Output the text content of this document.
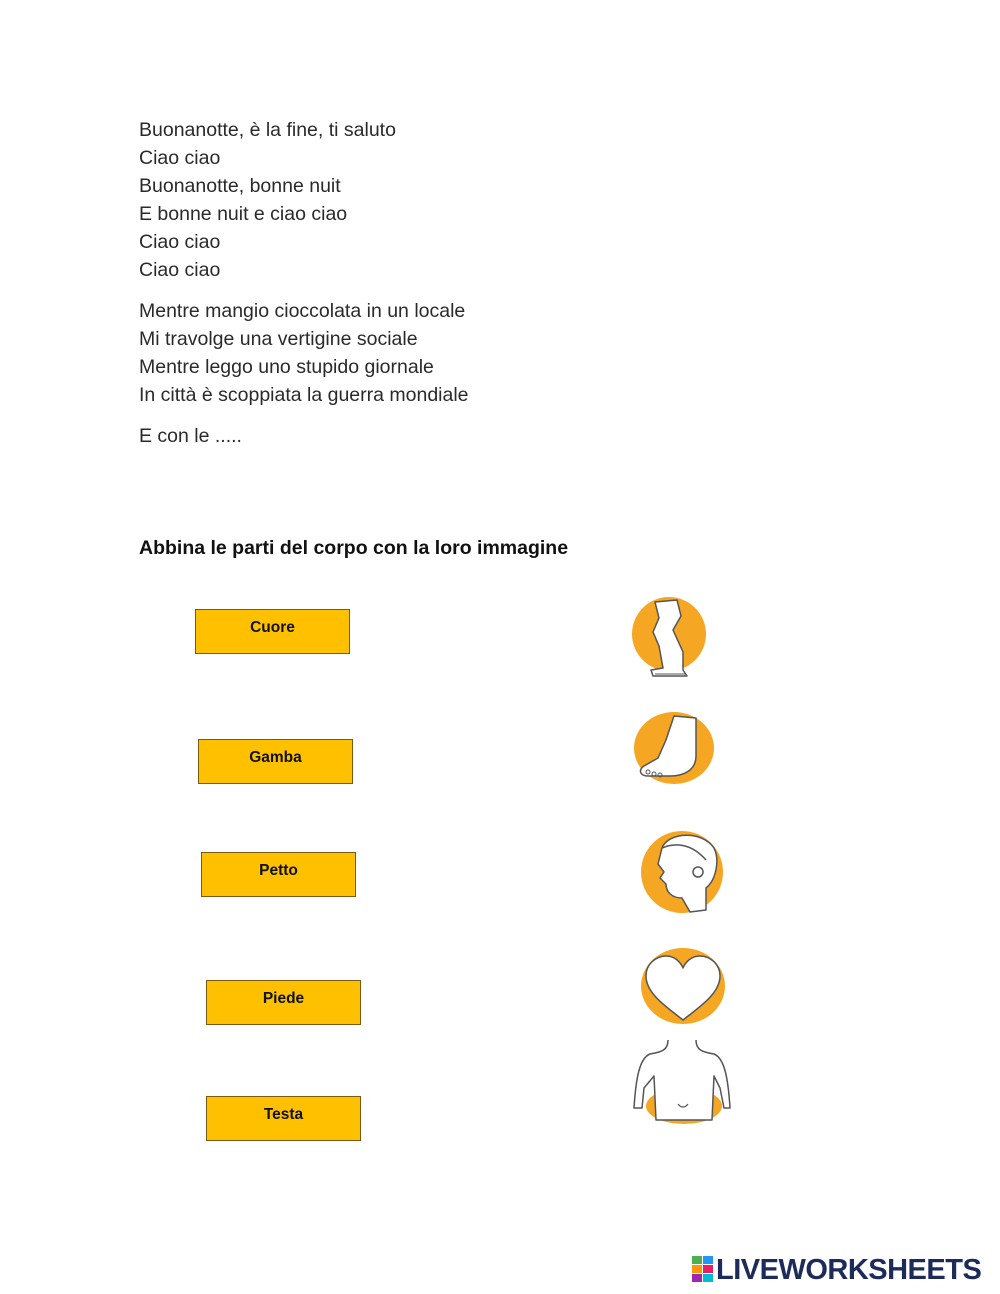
Buonanotte, è la fine, ti saluto
Ciao ciao
Buonanotte, bonne nuit
E bonne nuit e ciao ciao
Ciao ciao
Ciao ciao
Mentre mangio cioccolata in un locale
Mi travolge una vertigine sociale
Mentre leggo uno stupido giornale
In città è scoppiata la guerra mondiale
E con le .....
Abbina le parti del corpo con la loro immagine
Cuore
Gamba
Petto
Piede
Testa
LIVEWORKSHEETS
